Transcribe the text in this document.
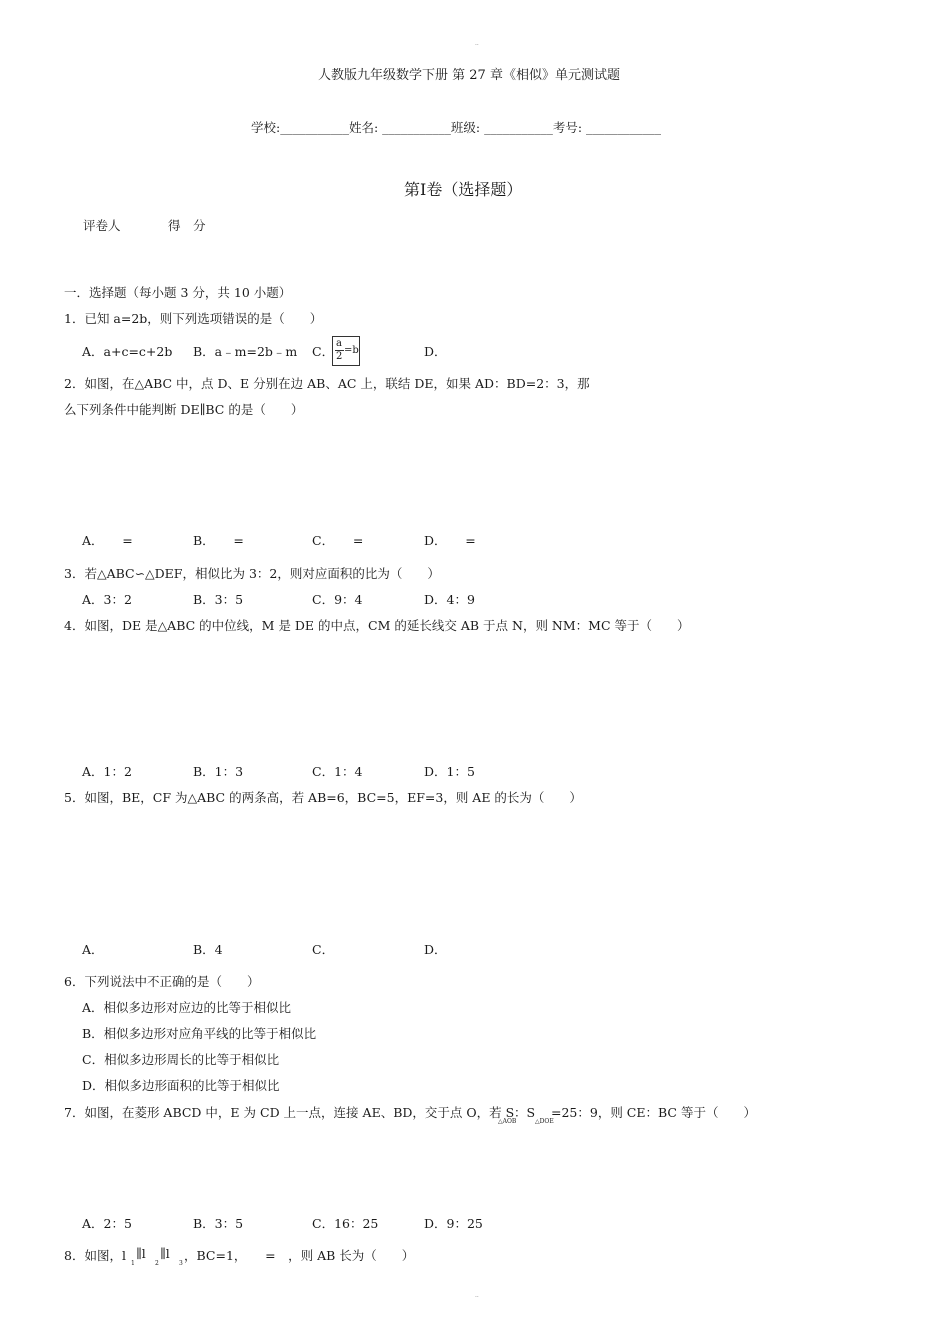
..
人教版九年级数学下册 第 27 章《相似》单元测试题
学校:___________姓名: ___________班级: ___________考号: ____________
第Ⅰ卷（选择题）
评卷人	得　分
一．选择题（每小题 3 分，共 10 小题）
1．已知 a=2b，则下列选项错误的是（　　）
A．a+c=c+2b B．a﹣m=2b﹣m C．
a
2
=b	D．
2．如图，在△ABC 中，点 D、E 分别在边 AB、AC 上，联结 DE，如果 AD：BD=2：3，那
么下列条件中能判断 DE∥BC 的是（　　）
A．　　=	B．　　=	C．　　=	D．　　=
3．若△ABC∽△DEF，相似比为 3：2，则对应面积的比为（　　）
A．3：2	B．3：5	C．9：4	D．4：9
4．如图，DE 是△ABC 的中位线，M 是 DE 的中点，CM 的延长线交 AB 于点 N，则 NM：MC 等于（　　）
A．1：2	B．1：3	C．1：4	D．1：5
5．如图，BE，CF 为△ABC 的两条高，若 AB=6，BC=5，EF=3，则 AE 的长为（　　）
A．	B．4	C．	D．
6．下列说法中不正确的是（　　）
A．相似多边形对应边的比等于相似比
B．相似多边形对应角平线的比等于相似比
C．相似多边形周长的比等于相似比
D．相似多边形面积的比等于相似比
7．如图，在菱形 ABCD 中，E 为 CD 上一点，连接 AE、BD，交于点 O，若 S
△AOB
：S
△DOE
=25：9，则 CE：BC 等于（　　）
A．2：5	B．3：5	C．16：25	D．9：25
8．如图，l
1
∥l
2
∥l
3
，BC=1，　　=　，则 AB 长为（　　）
..
